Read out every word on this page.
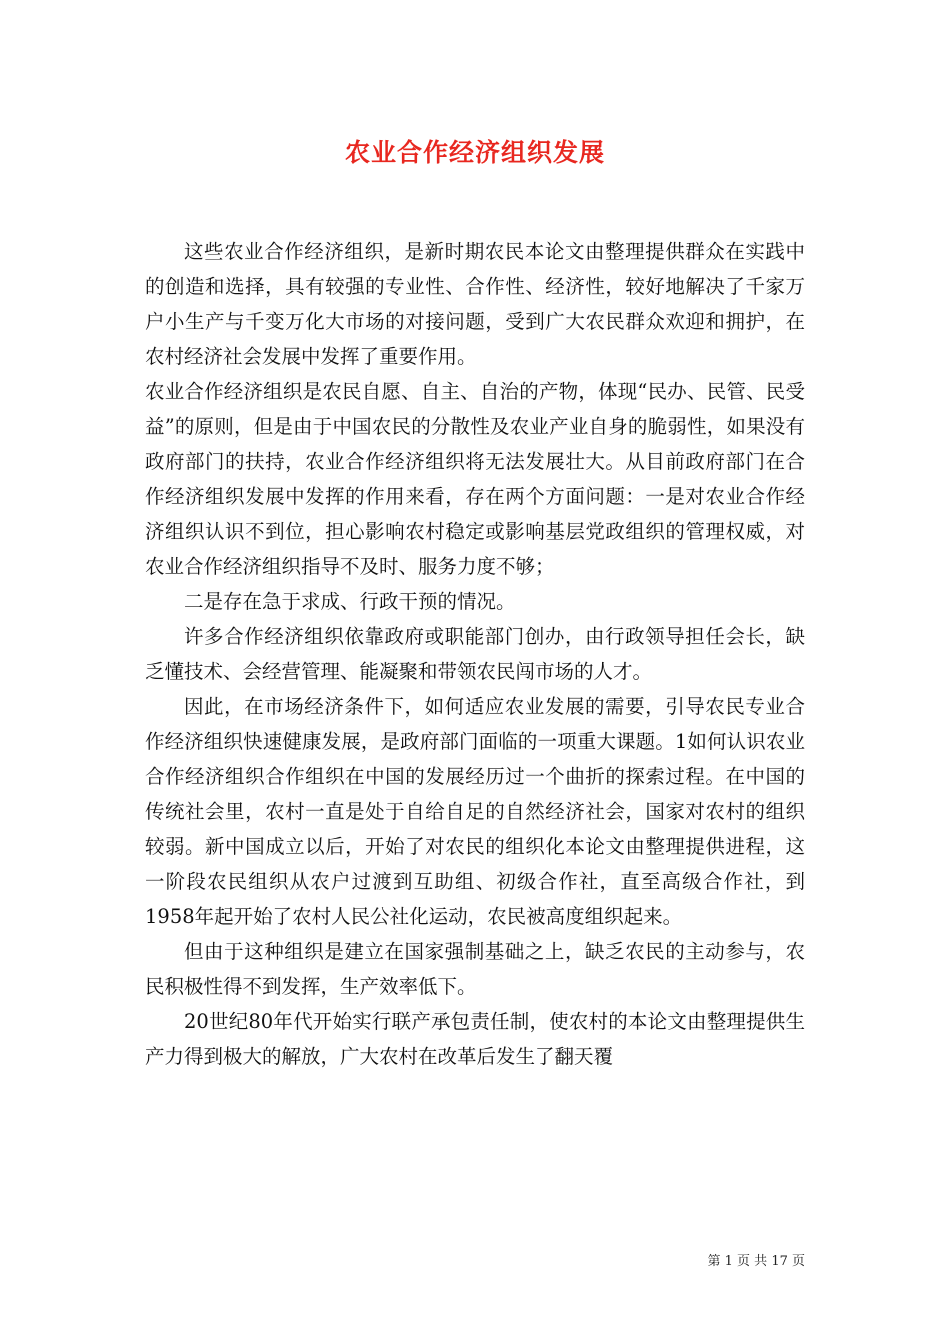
农业合作经济组织发展

这些农业合作经济组织，是新时期农民本论文由整理提供群众在实践中的创造和选择，具有较强的专业性、合作性、经济性，较好地解决了千家万户小生产与千变万化大市场的对接问题，受到广大农民群众欢迎和拥护，在农村经济社会发展中发挥了重要作用。

农业合作经济组织是农民自愿、自主、自治的产物，体现“民办、民管、民受益”的原则，但是由于中国农民的分散性及农业产业自身的脆弱性，如果没有政府部门的扶持，农业合作经济组织将无法发展壮大。从目前政府部门在合作经济组织发展中发挥的作用来看，存在两个方面问题：一是对农业合作经济组织认识不到位，担心影响农村稳定或影响基层党政组织的管理权威，对农业合作经济组织指导不及时、服务力度不够；

二是存在急于求成、行政干预的情况。

许多合作经济组织依靠政府或职能部门创办，由行政领导担任会长，缺乏懂技术、会经营管理、能凝聚和带领农民闯市场的人才。

因此，在市场经济条件下，如何适应农业发展的需要，引导农民专业合作经济组织快速健康发展，是政府部门面临的一项重大课题。1如何认识农业合作经济组织合作组织在中国的发展经历过一个曲折的探索过程。在中国的传统社会里，农村一直是处于自给自足的自然经济社会，国家对农村的组织较弱。新中国成立以后，开始了对农民的组织化本论文由整理提供进程，这一阶段农民组织从农户过渡到互助组、初级合作社，直至高级合作社，到1958年起开始了农村人民公社化运动，农民被高度组织起来。

但由于这种组织是建立在国家强制基础之上，缺乏农民的主动参与，农民积极性得不到发挥，生产效率低下。

20世纪80年代开始实行联产承包责任制，使农村的本论文由整理提供生产力得到极大的解放，广大农村在改革后发生了翻天覆

第 1 页 共 17 页
